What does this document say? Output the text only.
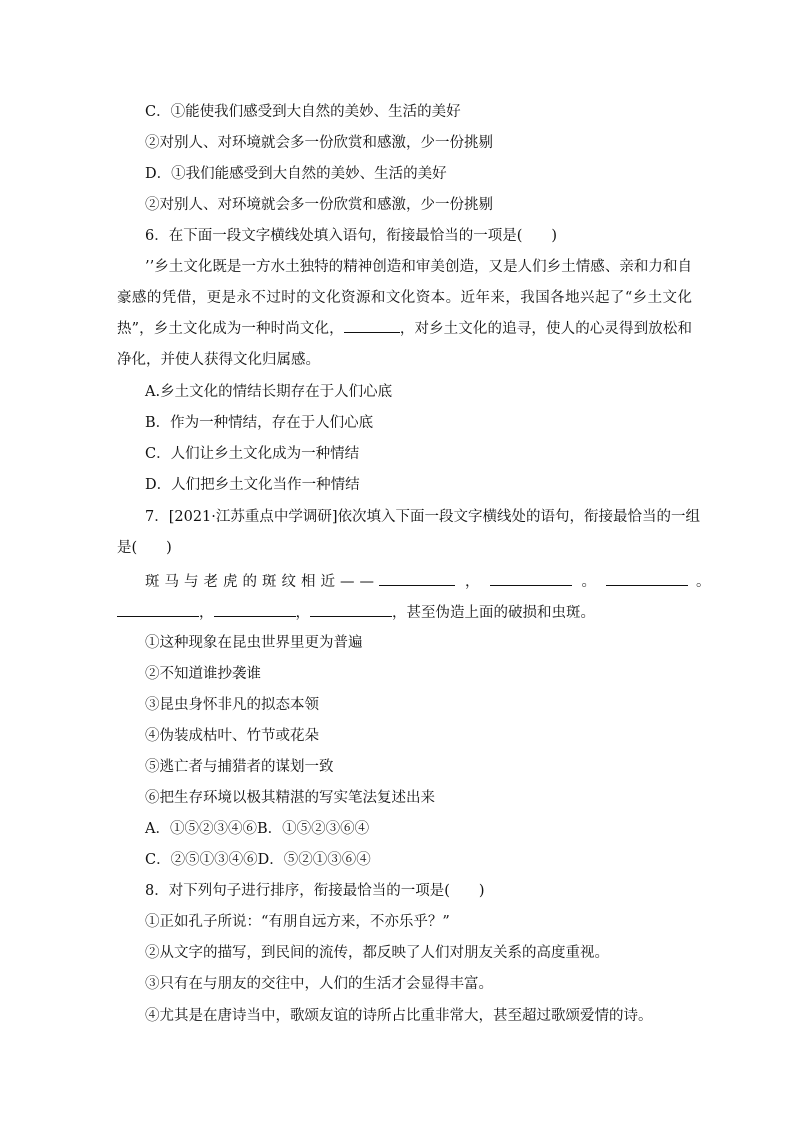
C．①能使我们感受到大自然的美妙、生活的美好
②对别人、对环境就会多一份欣赏和感激，少一份挑剔
D．①我们能感受到大自然的美妙、生活的美好
②对别人、对环境就会多一份欣赏和感激，少一份挑剔
6．在下面一段文字横线处填入语句，衔接最恰当的一项是(　　)
’’乡土文化既是一方水土独特的精神创造和审美创造，又是人们乡土情感、亲和力和自豪感的凭借，更是永不过时的文化资源和文化资本。近年来，我国各地兴起了“乡土文化热”，乡土文化成为一种时尚文化，	，对乡土文化的追寻，使人的心灵得到放松和净化，并使人获得文化归属感。
A.乡土文化的情结长期存在于人们心底
B．作为一种情结，存在于人们心底
C．人们让乡土文化成为一种情结
D．人们把乡土文化当作一种情结
7．[2021·江苏重点中学调研]依次填入下面一段文字横线处的语句，衔接最恰当的一组
是(　　)
斑马与老虎的斑纹相近——	，	。	。
，	，	，甚至伪造上面的破损和虫斑。
①这种现象在昆虫世界里更为普遍
②不知道谁抄袭谁
③昆虫身怀非凡的拟态本领
④伪装成枯叶、竹节或花朵
⑤逃亡者与捕猎者的谋划一致
⑥把生存环境以极其精湛的写实笔法复述出来
A．①⑤②③④⑥B．①⑤②③⑥④
C．②⑤①③④⑥D．⑤②①③⑥④
8．对下列句子进行排序，衔接最恰当的一项是(　　)
①正如孔子所说：“有朋自远方来，不亦乐乎？”
②从文字的描写，到民间的流传，都反映了人们对朋友关系的高度重视。
③只有在与朋友的交往中，人们的生活才会显得丰富。
④尤其是在唐诗当中，歌颂友谊的诗所占比重非常大，甚至超过歌颂爱情的诗。
